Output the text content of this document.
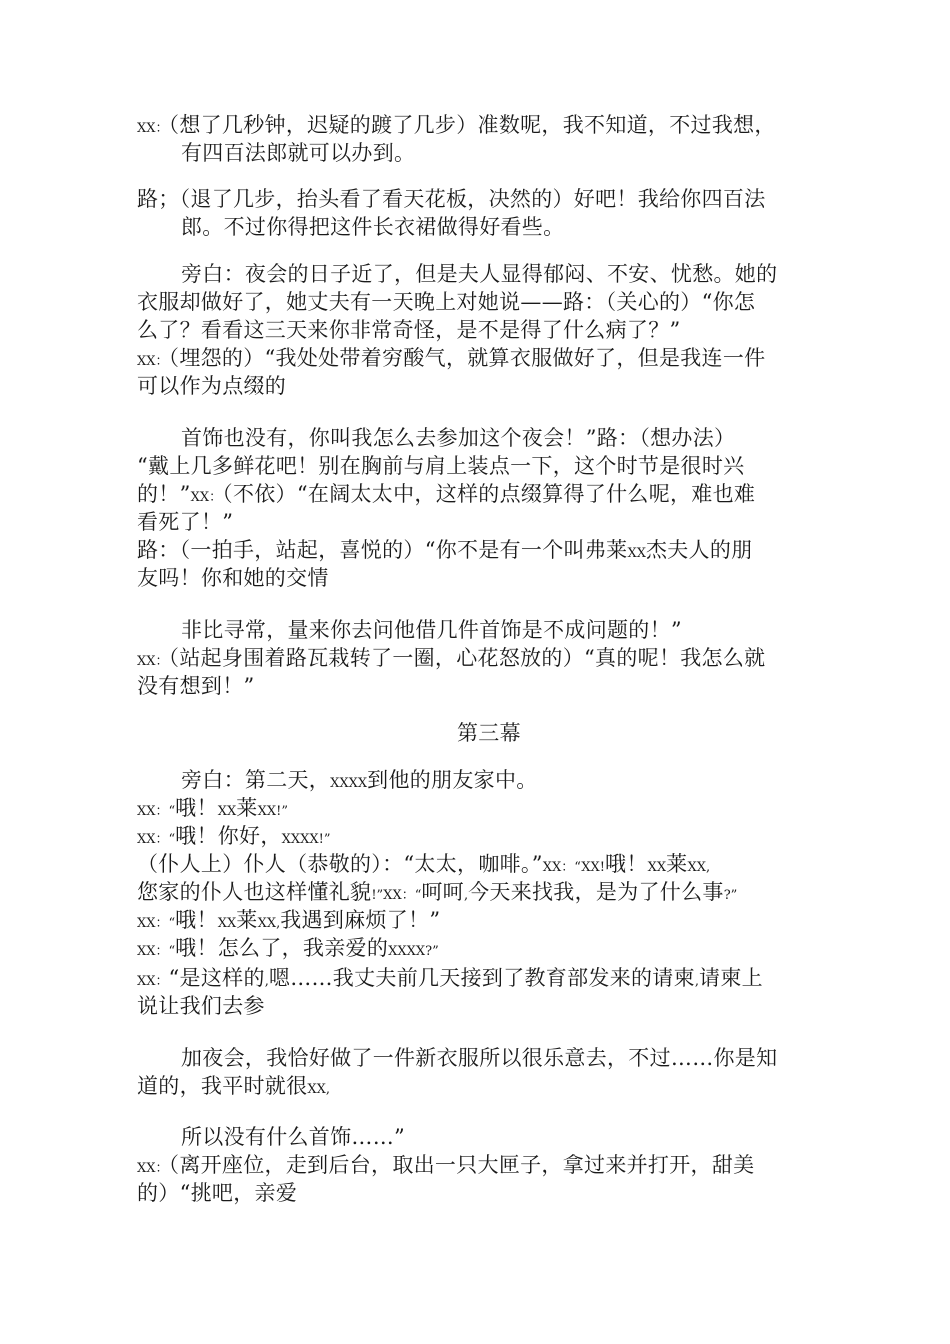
XX：（想了几秒钟，迟疑的踱了几步）准数呢，我不知道，不过我想，
有四百法郎就可以办到。
路；（退了几步，抬头看了看天花板，决然的）好吧！我给你四百法
郎。不过你得把这件长衣裙做得好看些。
旁白：夜会的日子近了，但是夫人显得郁闷、不安、忧愁。她的
衣服却做好了，她丈夫有一天晚上对她说——路：（关心的）“你怎
么了？看看这三天来你非常奇怪，是不是得了什么病了？”
XX：（埋怨的）“我处处带着穷酸气，就算衣服做好了，但是我连一件
可以作为点缀的
首饰也没有，你叫我怎么去参加这个夜会！”路：（想办法）
“戴上几多鲜花吧！别在胸前与肩上装点一下，这个时节是很时兴
的！”XX：（不依）“在阔太太中，这样的点缀算得了什么呢，难也难
看死了！”
路：（一拍手，站起，喜悦的）“你不是有一个叫弗莱XX杰夫人的朋
友吗！你和她的交情
非比寻常，量来你去问他借几件首饰是不成问题的！”
XX：（站起身围着路瓦栽转了一圈，心花怒放的）“真的呢！我怎么就
没有想到！”
第三幕
旁白：第二天，XXXX到他的朋友家中。
XX：“哦！XX莱XX!”
XX：“哦！你好，XXXX!”
（仆人上）仆人（恭敬的）：“太太，咖啡。”XX：“XX!哦！XX莱XX,
您家的仆人也这样懂礼貌!”XX：“呵呵,今天来找我，是为了什么事?”
XX：“哦！XX莱XX,我遇到麻烦了！”
XX：“哦！怎么了，我亲爱的XXXX?”
XX：“是这样的,嗯……我丈夫前几天接到了教育部发来的请柬,请柬上
说让我们去参
加夜会，我恰好做了一件新衣服所以很乐意去，不过……你是知
道的，我平时就很XX,
所以没有什么首饰……”
XX：（离开座位，走到后台，取出一只大匣子，拿过来并打开，甜美
的）“挑吧，亲爱
